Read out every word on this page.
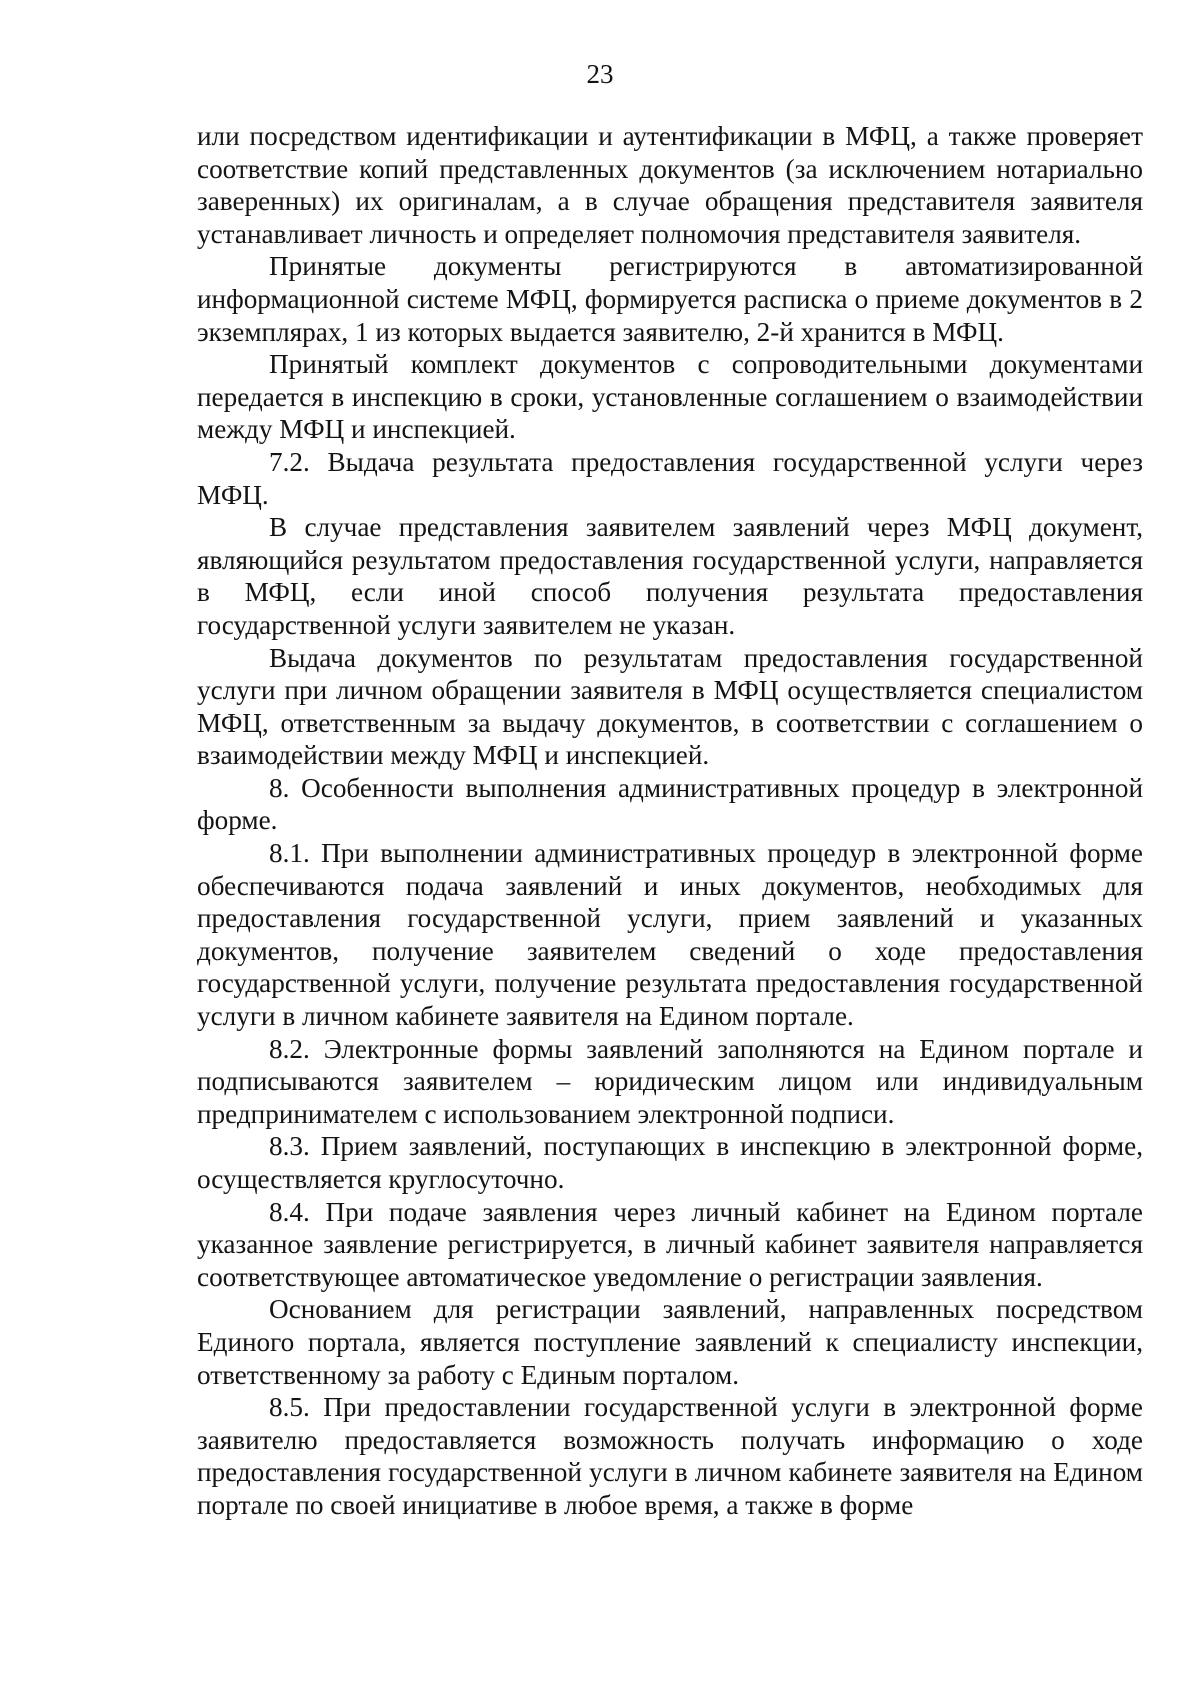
23

или посредством идентификации и аутентификации в МФЦ, а также проверяет соответствие копий представленных документов (за исключением нотариально заверенных) их оригиналам, а в случае обращения представителя заявителя устанавливает личность и определяет полномочия представителя заявителя.

Принятые документы регистрируются в автоматизированной информационной системе МФЦ, формируется расписка о приеме документов в 2 экземплярах, 1 из которых выдается заявителю, 2-й хранится в МФЦ.

Принятый комплект документов с сопроводительными документами передается в инспекцию в сроки, установленные соглашением о взаимодействии между МФЦ и инспекцией.

7.2. Выдача результата предоставления государственной услуги через МФЦ.

В случае представления заявителем заявлений через МФЦ документ, являющийся результатом предоставления государственной услуги, направляется в МФЦ, если иной способ получения результата предоставления государственной услуги заявителем не указан.

Выдача документов по результатам предоставления государственной услуги при личном обращении заявителя в МФЦ осуществляется специалистом МФЦ, ответственным за выдачу документов, в соответствии с соглашением о взаимодействии между МФЦ и инспекцией.

8. Особенности выполнения административных процедур в электронной форме.

8.1. При выполнении административных процедур в электронной форме обеспечиваются подача заявлений и иных документов, необходимых для предоставления государственной услуги, прием заявлений и указанных документов, получение заявителем сведений о ходе предоставления государственной услуги, получение результата предоставления государственной услуги в личном кабинете заявителя на Едином портале.

8.2. Электронные формы заявлений заполняются на Едином портале и подписываются заявителем – юридическим лицом или индивидуальным предпринимателем с использованием электронной подписи.

8.3. Прием заявлений, поступающих в инспекцию в электронной форме, осуществляется круглосуточно.

8.4. При подаче заявления через личный кабинет на Едином портале указанное заявление регистрируется, в личный кабинет заявителя направляется соответствующее автоматическое уведомление о регистрации заявления.

Основанием для регистрации заявлений, направленных посредством Единого портала, является поступление заявлений к специалисту инспекции, ответственному за работу с Единым порталом.

8.5. При предоставлении государственной услуги в электронной форме заявителю предоставляется возможность получать информацию о ходе предоставления государственной услуги в личном кабинете заявителя на Едином портале по своей инициативе в любое время, а также в форме
